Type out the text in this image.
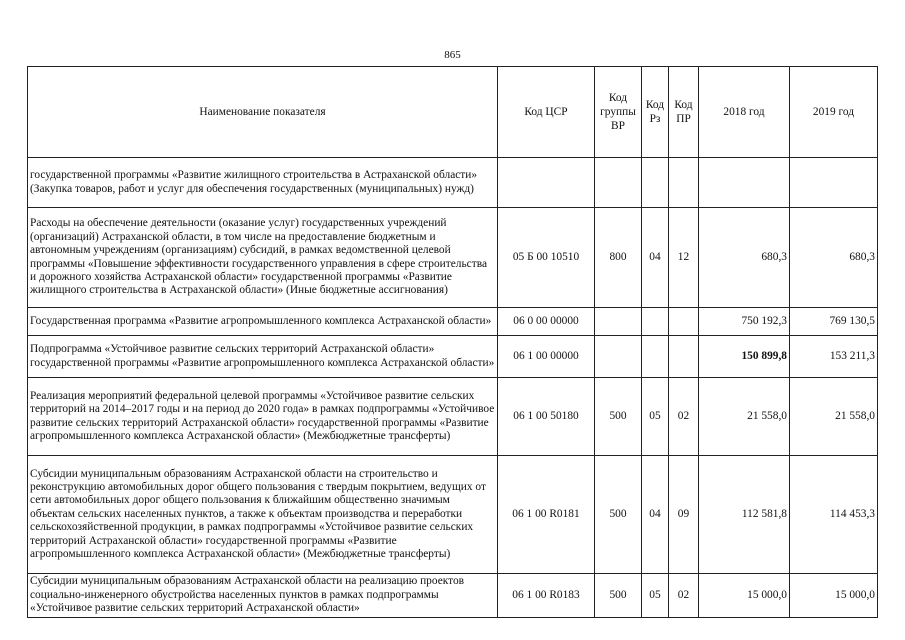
865
Наименование показателя	Код ЦСР	Код группы ВР	Код Рз	Код ПР	2018 год	2019 год
государственной программы «Развитие жилищного строительства в Астраханской области» (Закупка товаров, работ и услуг для обеспечения государственных (муниципальных) нужд)						
Расходы на обеспечение деятельности (оказание услуг) государственных учреждений (организаций) Астраханской области, в том числе на предоставление бюджетным и автономным учреждениям (организациям) субсидий, в рамках ведомственной целевой программы «Повышение эффективности государственного управления в сфере строительства и дорожного хозяйства Астраханской области» государственной программы «Развитие жилищного строительства в Астраханской области» (Иные бюджетные ассигнования)	05 Б 00 10510	800	04	12	680,3	680,3
Государственная программа «Развитие агропромышленного комплекса Астраханской области»	06 0 00 00000				750 192,3	769 130,5
Подпрограмма «Устойчивое развитие сельских территорий Астраханской области» государственной программы «Развитие агропромышленного комплекса Астраханской области»	06 1 00 00000				150 899,8	153 211,3
Реализация мероприятий федеральной целевой программы «Устойчивое развитие сельских территорий на 2014–2017 годы и на период до 2020 года» в рамках подпрограммы «Устойчивое развитие сельских территорий Астраханской области» государственной программы «Развитие агропромышленного комплекса Астраханской области» (Межбюджетные трансферты)	06 1 00 50180	500	05	02	21 558,0	21 558,0
Субсидии муниципальным образованиям Астраханской области на строительство и реконструкцию автомобильных дорог общего пользования с твердым покрытием, ведущих от сети автомобильных дорог общего пользования к ближайшим общественно значимым объектам сельских населенных пунктов, а также к объектам производства и переработки сельскохозяйственной продукции, в рамках подпрограммы «Устойчивое развитие сельских территорий Астраханской области» государственной программы «Развитие агропромышленного комплекса Астраханской области» (Межбюджетные трансферты)	06 1 00 R0181	500	04	09	112 581,8	114 453,3
Субсидии муниципальным образованиям Астраханской области на реализацию проектов социально-инженерного обустройства населенных пунктов в рамках подпрограммы «Устойчивое развитие сельских территорий Астраханской области»	06 1 00 R0183	500	05	02	15 000,0	15 000,0
